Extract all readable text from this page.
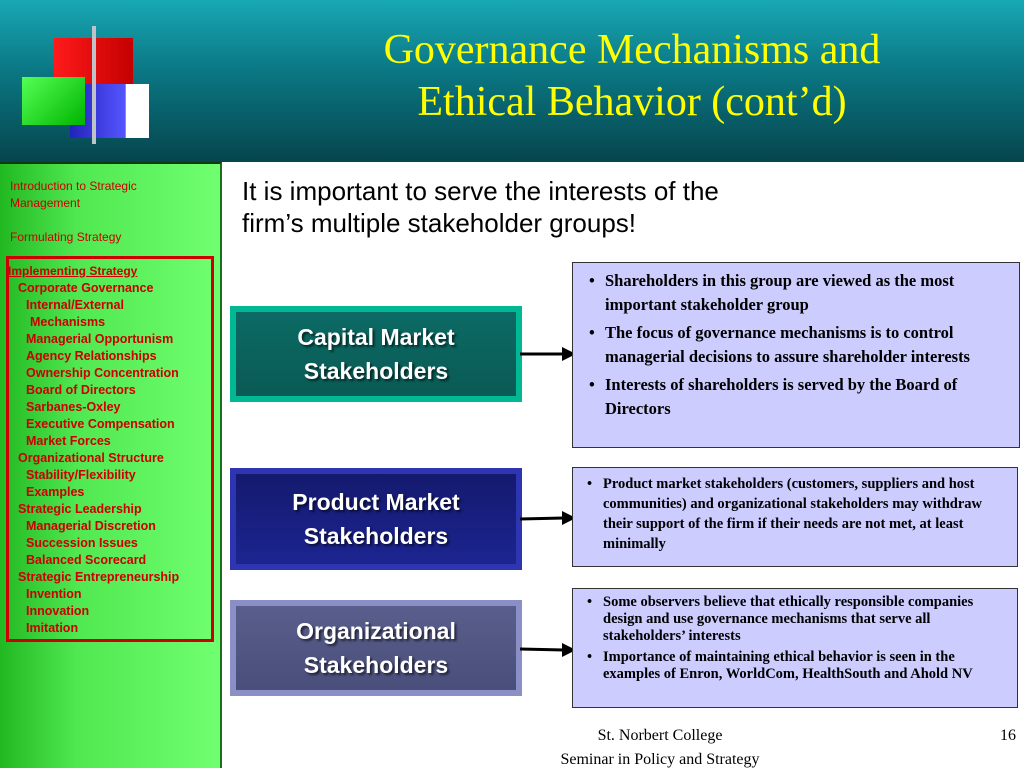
Governance Mechanisms and
Ethical Behavior (cont’d)
Introduction to Strategic
Management
Formulating Strategy
Implementing Strategy
Corporate Governance
Internal/External
Mechanisms
Managerial Opportunism
Agency Relationships
Ownership Concentration
Board of Directors
Sarbanes-Oxley
Executive Compensation
Market Forces
Organizational Structure
Stability/Flexibility
Examples
Strategic Leadership
Managerial Discretion
Succession Issues
Balanced Scorecard
Strategic Entrepreneurship
Invention
Innovation
Imitation
It is important to serve the interests of the
firm’s multiple stakeholder groups!
Capital Market
Stakeholders
• Shareholders in this group are viewed as the most important stakeholder group
• The focus of governance mechanisms is to control managerial decisions to assure shareholder interests
• Interests of shareholders is served by the Board of Directors
Product Market
Stakeholders
• Product market stakeholders (customers, suppliers and host communities) and organizational stakeholders may withdraw their support of the firm if their needs are not met, at least minimally
Organizational
Stakeholders
• Some observers believe that ethically responsible companies design and use governance mechanisms that serve all stakeholders’ interests
• Importance of maintaining ethical behavior is seen in the examples of Enron, WorldCom, HealthSouth and Ahold NV
St. Norbert College
Seminar in Policy and Strategy
16
